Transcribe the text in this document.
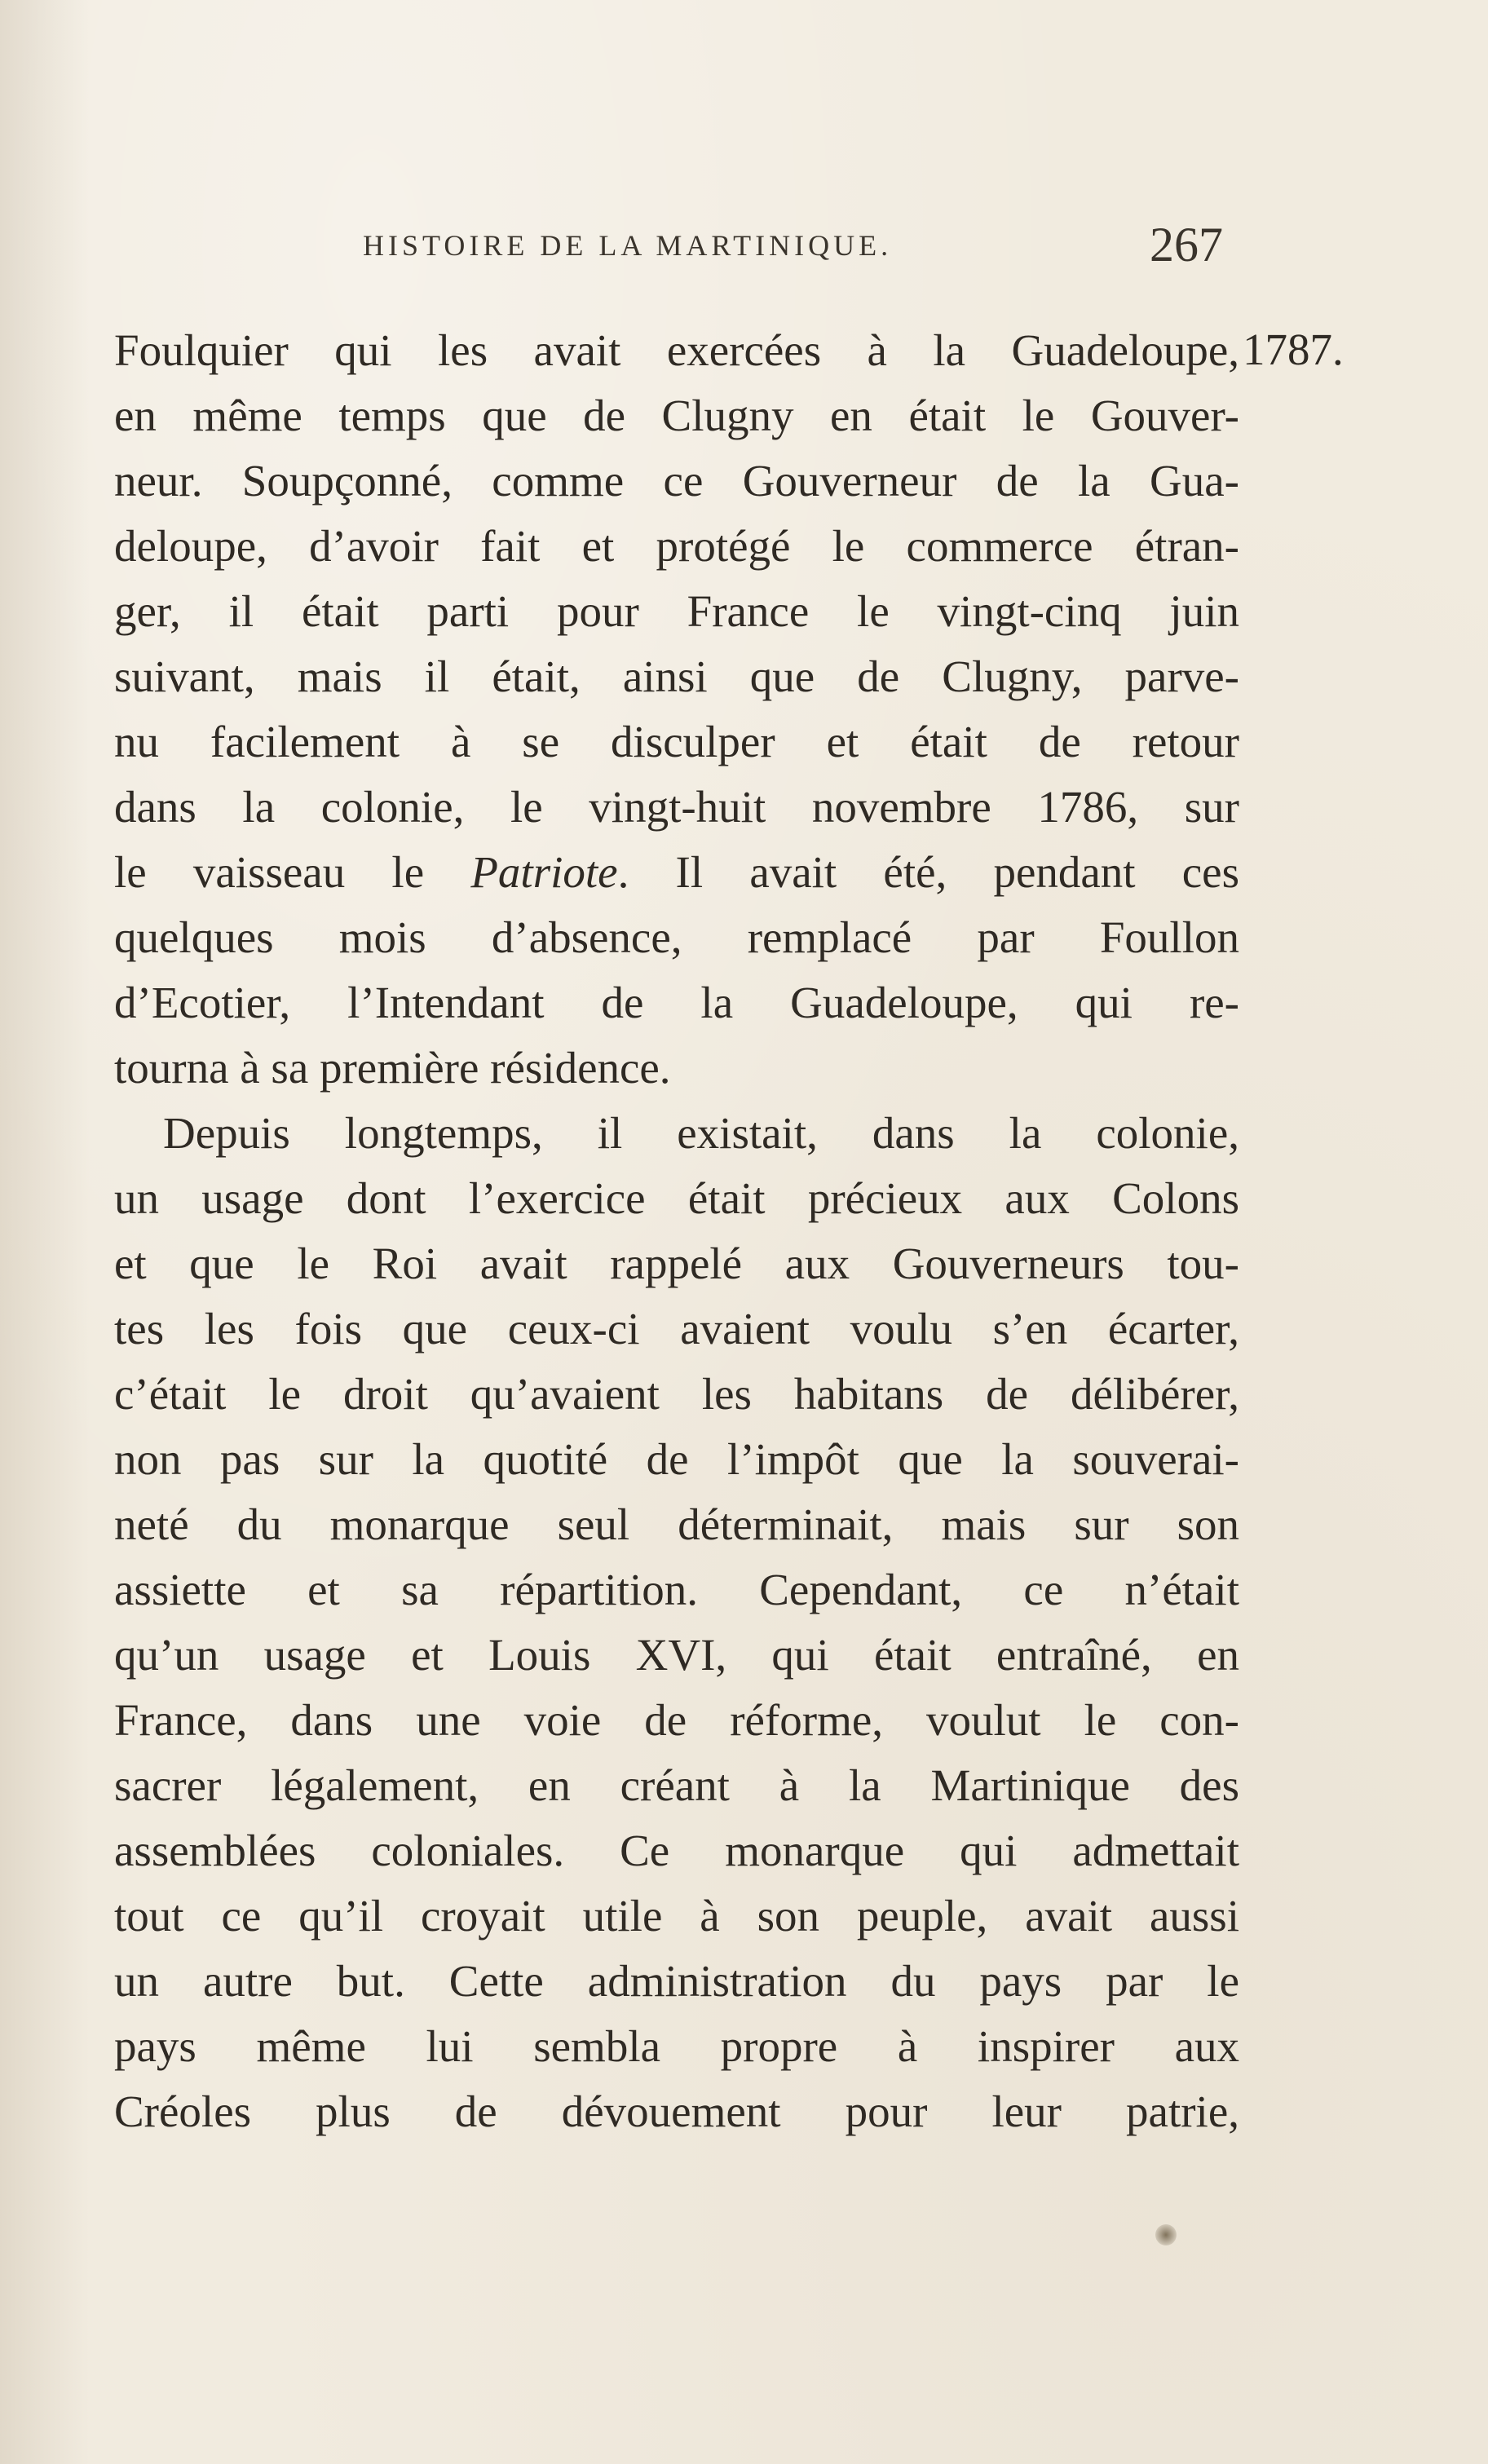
HISTOIRE DE LA MARTINIQUE.	267
1787.
Foulquier qui les avait exercées à la Guadeloupe,
en même temps que de Clugny en était le Gouver-
neur. Soupçonné, comme ce Gouverneur de la Gua-
deloupe, d’avoir fait et protégé le commerce étran-
ger, il était parti pour France le vingt-cinq juin
suivant, mais il était, ainsi que de Clugny, parve-
nu facilement à se disculper et était de retour
dans la colonie, le vingt-huit novembre 1786, sur
le vaisseau le Patriote. Il avait été, pendant ces
quelques mois d’absence, remplacé par Foullon
d’Ecotier, l’Intendant de la Guadeloupe, qui re-
tourna à sa première résidence.
Depuis longtemps, il existait, dans la colonie,
un usage dont l’exercice était précieux aux Colons
et que le Roi avait rappelé aux Gouverneurs tou-
tes les fois que ceux-ci avaient voulu s’en écarter,
c’était le droit qu’avaient les habitans de délibérer,
non pas sur la quotité de l’impôt que la souverai-
neté du monarque seul déterminait, mais sur son
assiette et sa répartition. Cependant, ce n’était
qu’un usage et Louis XVI, qui était entraîné, en
France, dans une voie de réforme, voulut le con-
sacrer légalement, en créant à la Martinique des
assemblées coloniales. Ce monarque qui admettait
tout ce qu’il croyait utile à son peuple, avait aussi
un autre but. Cette administration du pays par le
pays même lui sembla propre à inspirer aux
Créoles plus de dévouement pour leur patrie,
